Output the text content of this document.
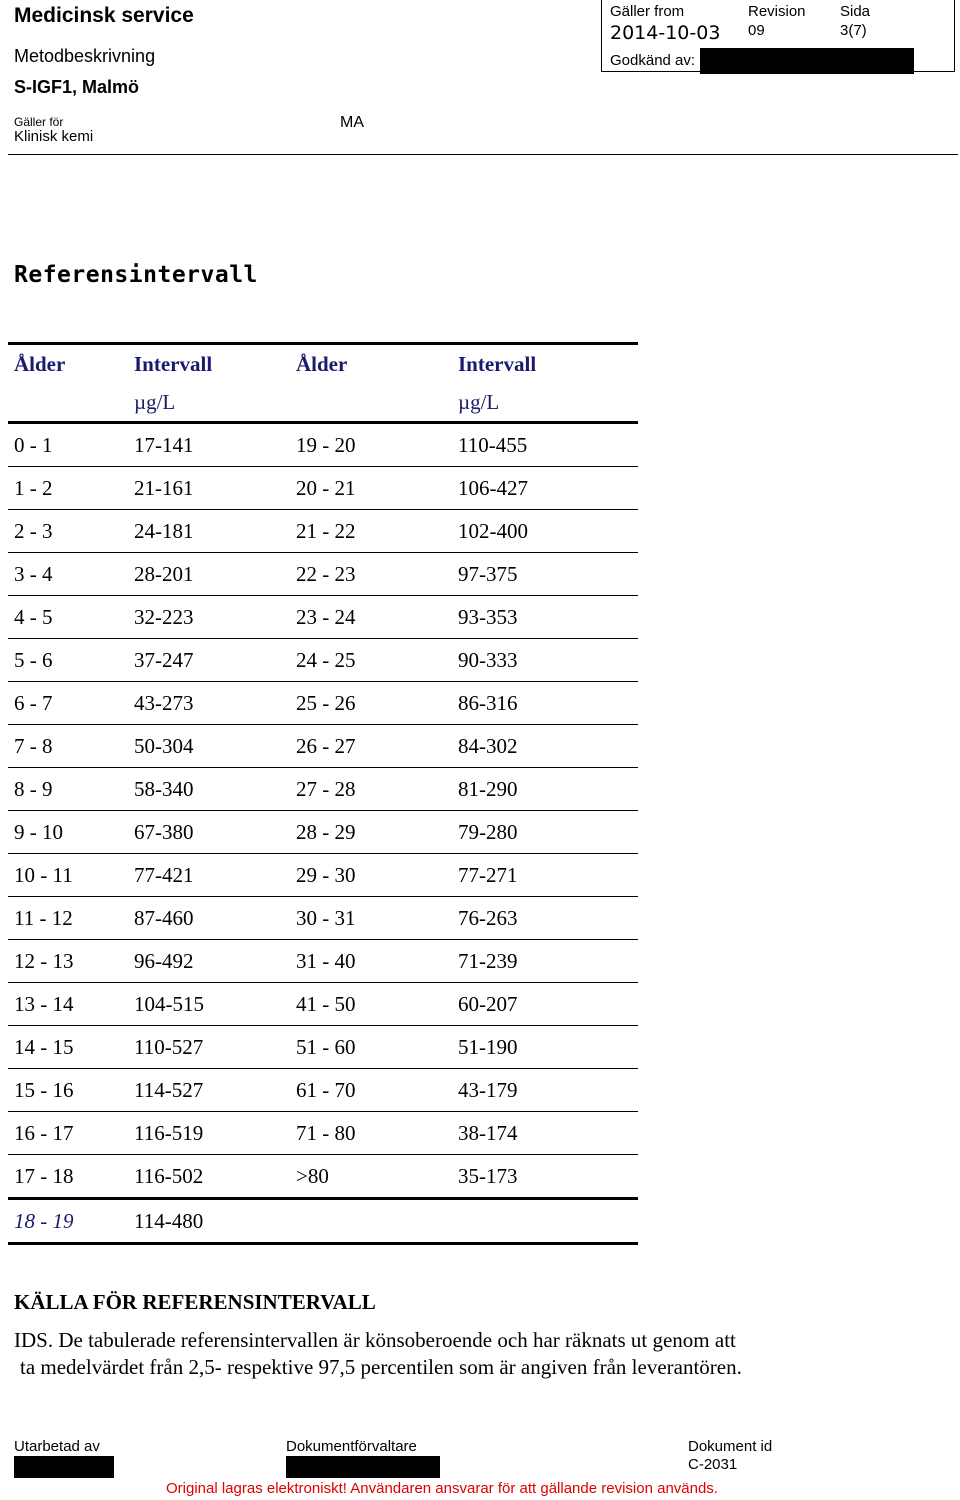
Medicinsk service
Metodbeskrivning
S-IGF1, Malmö
Gäller för
Klinisk kemi
MA
Gäller from
2014-10-03
Revision
09
Sida
3(7)
Godkänd av:
Referensintervall
Ålder	Intervall	Ålder	Intervall
	µg/L		µg/L
0 - 1	17-141	19 - 20	110-455
1 - 2	21-161	20 - 21	106-427
2 - 3	24-181	21 - 22	102-400
3 - 4	28-201	22 - 23	97-375
4 - 5	32-223	23 - 24	93-353
5 - 6	37-247	24 - 25	90-333
6 - 7	43-273	25 - 26	86-316
7 - 8	50-304	26 - 27	84-302
8 - 9	58-340	27 - 28	81-290
9 - 10	67-380	28 - 29	79-280
10 - 11	77-421	29 - 30	77-271
11 - 12	87-460	30 - 31	76-263
12 - 13	96-492	31 - 40	71-239
13 - 14	104-515	41 - 50	60-207
14 - 15	110-527	51 - 60	51-190
15 - 16	114-527	61 - 70	43-179
16 - 17	116-519	71 - 80	38-174
17 - 18	116-502	>80	35-173
18 - 19	114-480		
KÄLLA FÖR REFERENSINTERVALL
IDS. De tabulerade referensintervallen är könsoberoende och har räknats ut genom att
ta medelvärdet från 2,5- respektive 97,5 percentilen som är angiven från leverantören.
Utarbetad av	Dokumentförvaltare	Dokument id
C-2031
Original lagras elektroniskt! Användaren ansvarar för att gällande revision används.
